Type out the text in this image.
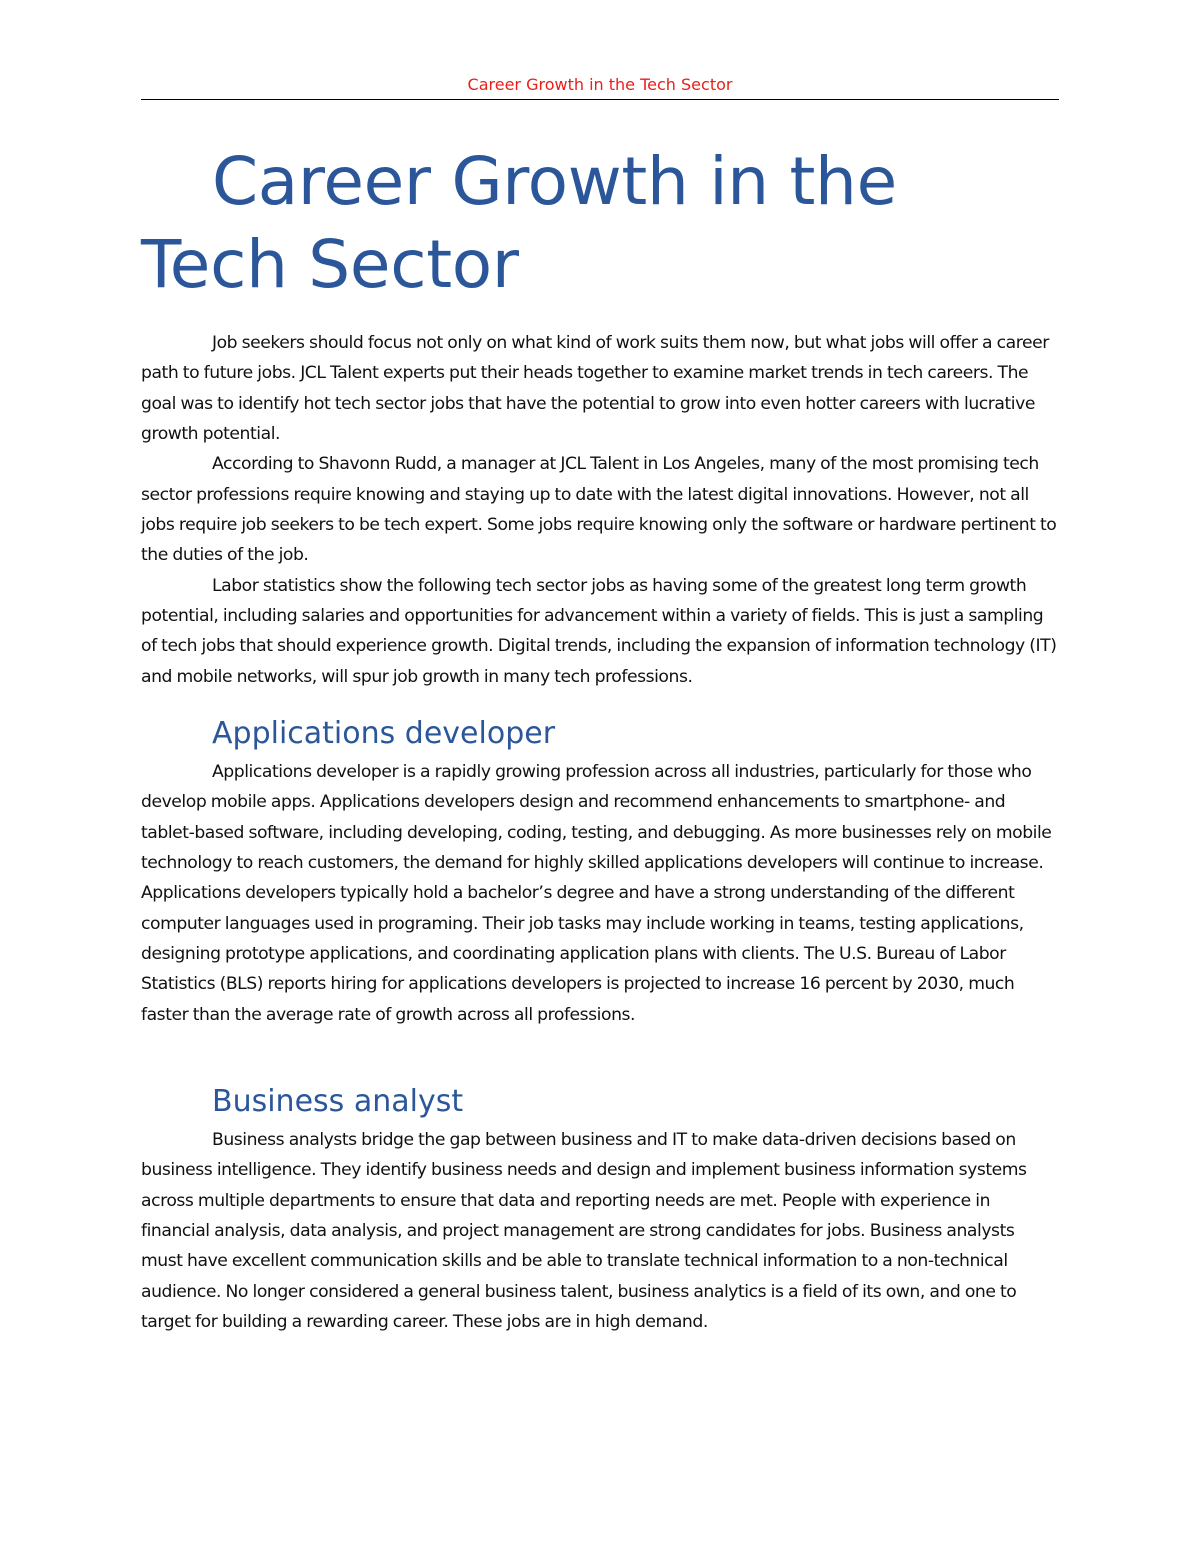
Career Growth in the Tech Sector
Career Growth in the Tech Sector

Job seekers should focus not only on what kind of work suits them now, but what jobs will offer a career path to future jobs. JCL Talent experts put their heads together to examine market trends in tech careers. The goal was to identify hot tech sector jobs that have the potential to grow into even hotter careers with lucrative growth potential.

According to Shavonn Rudd, a manager at JCL Talent in Los Angeles, many of the most promising tech sector professions require knowing and staying up to date with the latest digital innovations. However, not all jobs require job seekers to be tech expert. Some jobs require knowing only the software or hardware pertinent to the duties of the job.

Labor statistics show the following tech sector jobs as having some of the greatest long term growth potential, including salaries and opportunities for advancement within a variety of fields. This is just a sampling of tech jobs that should experience growth. Digital trends, including the expansion of information technology (IT) and mobile networks, will spur job growth in many tech professions.

Applications developer

Applications developer is a rapidly growing profession across all industries, particularly for those who develop mobile apps. Applications developers design and recommend enhancements to smartphone- and tablet-based software, including developing, coding, testing, and debugging. As more businesses rely on mobile technology to reach customers, the demand for highly skilled applications developers will continue to increase. Applications developers typically hold a bachelor’s degree and have a strong understanding of the different computer languages used in programing. Their job tasks may include working in teams, testing applications, designing prototype applications, and coordinating application plans with clients. The U.S. Bureau of Labor Statistics (BLS) reports hiring for applications developers is projected to increase 16 percent by 2030, much faster than the average rate of growth across all professions.

Business analyst

Business analysts bridge the gap between business and IT to make data-driven decisions based on business intelligence. They identify business needs and design and implement business information systems across multiple departments to ensure that data and reporting needs are met. People with experience in financial analysis, data analysis, and project management are strong candidates for jobs. Business analysts must have excellent communication skills and be able to translate technical information to a non-technical audience. No longer considered a general business talent, business analytics is a field of its own, and one to target for building a rewarding career. These jobs are in high demand.
